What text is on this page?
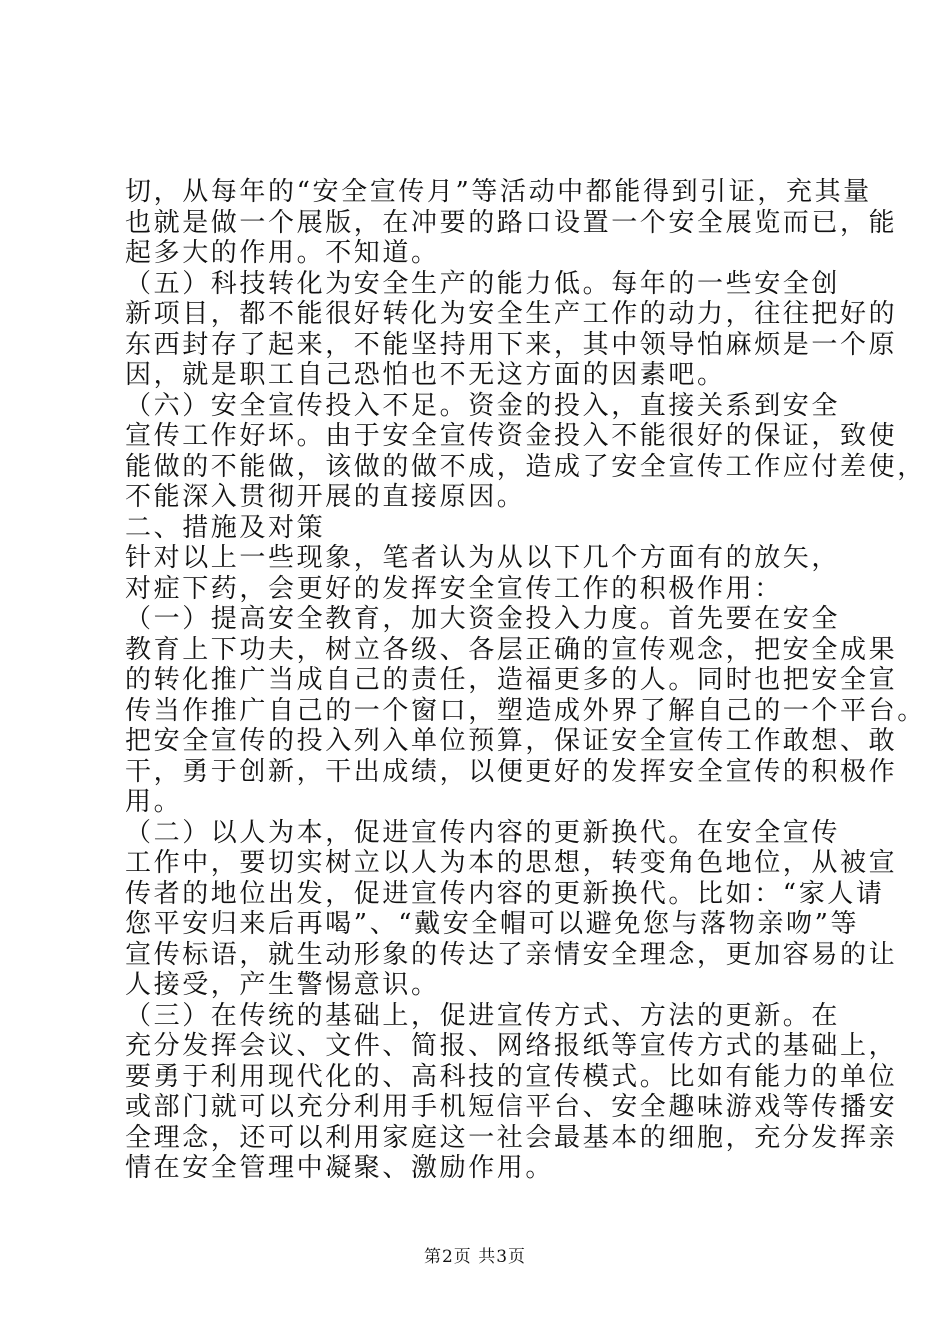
切，从每年的“安全宣传月”等活动中都能得到引证，充其量
也就是做一个展版，在冲要的路口设置一个安全展览而已，能
起多大的作用。不知道。
（五）科技转化为安全生产的能力低。每年的一些安全创
新项目，都不能很好转化为安全生产工作的动力，往往把好的
东西封存了起来，不能坚持用下来，其中领导怕麻烦是一个原
因，就是职工自己恐怕也不无这方面的因素吧。
（六）安全宣传投入不足。资金的投入，直接关系到安全
宣传工作好坏。由于安全宣传资金投入不能很好的保证，致使
能做的不能做，该做的做不成，造成了安全宣传工作应付差使，
不能深入贯彻开展的直接原因。
二、措施及对策
针对以上一些现象，笔者认为从以下几个方面有的放矢，
对症下药，会更好的发挥安全宣传工作的积极作用：
（一）提高安全教育，加大资金投入力度。首先要在安全
教育上下功夫，树立各级、各层正确的宣传观念，把安全成果
的转化推广当成自己的责任，造福更多的人。同时也把安全宣
传当作推广自己的一个窗口，塑造成外界了解自己的一个平台。
把安全宣传的投入列入单位预算，保证安全宣传工作敢想、敢
干，勇于创新，干出成绩，以便更好的发挥安全宣传的积极作
用。
（二）以人为本，促进宣传内容的更新换代。在安全宣传
工作中，要切实树立以人为本的思想，转变角色地位，从被宣
传者的地位出发，促进宣传内容的更新换代。比如：“家人请
您平安归来后再喝”、“戴安全帽可以避免您与落物亲吻”等
宣传标语，就生动形象的传达了亲情安全理念，更加容易的让
人接受，产生警惕意识。
（三）在传统的基础上，促进宣传方式、方法的更新。在
充分发挥会议、文件、简报、网络报纸等宣传方式的基础上，
要勇于利用现代化的、高科技的宣传模式。比如有能力的单位
或部门就可以充分利用手机短信平台、安全趣味游戏等传播安
全理念，还可以利用家庭这一社会最基本的细胞，充分发挥亲
情在安全管理中凝聚、激励作用。
第2页 共3页
